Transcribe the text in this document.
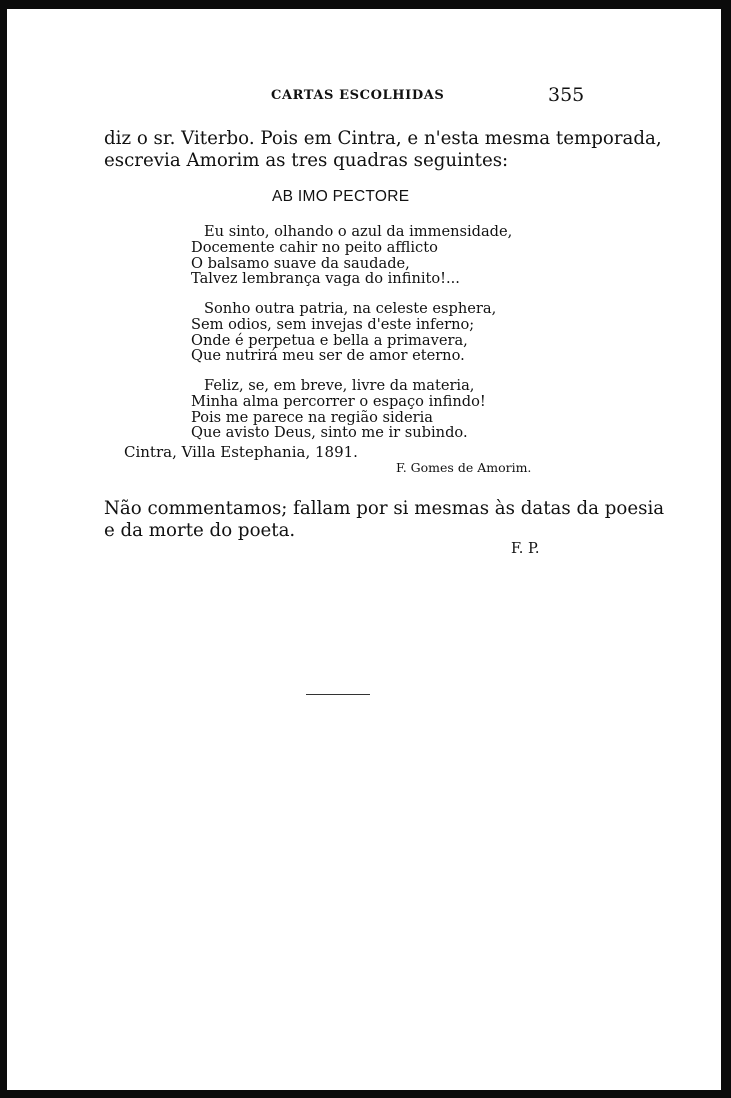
CARTAS ESCOLHIDAS	355
diz o sr. Viterbo. Pois em Cintra, e n'esta mesma temporada,
escrevia Amorim as tres quadras seguintes:
AB IMO PECTORE
Eu sinto, olhando o azul da immensidade,
Docemente cahir no peito afflicto
O balsamo suave da saudade,
Talvez lembrança vaga do infinito!...
Sonho outra patria, na celeste esphera,
Sem odios, sem invejas d'este inferno;
Onde é perpetua e bella a primavera,
Que nutrirá meu ser de amor eterno.
Feliz, se, em breve, livre da materia,
Minha alma percorrer o espaço infindo!
Pois me parece na região sideria
Que avisto Deus, sinto me ir subindo.
Cintra, Villa Estephania, 1891.
F. Gomes de Amorim.
Não commentamos; fallam por si mesmas às datas da poesia
e da morte do poeta.
F. P.
